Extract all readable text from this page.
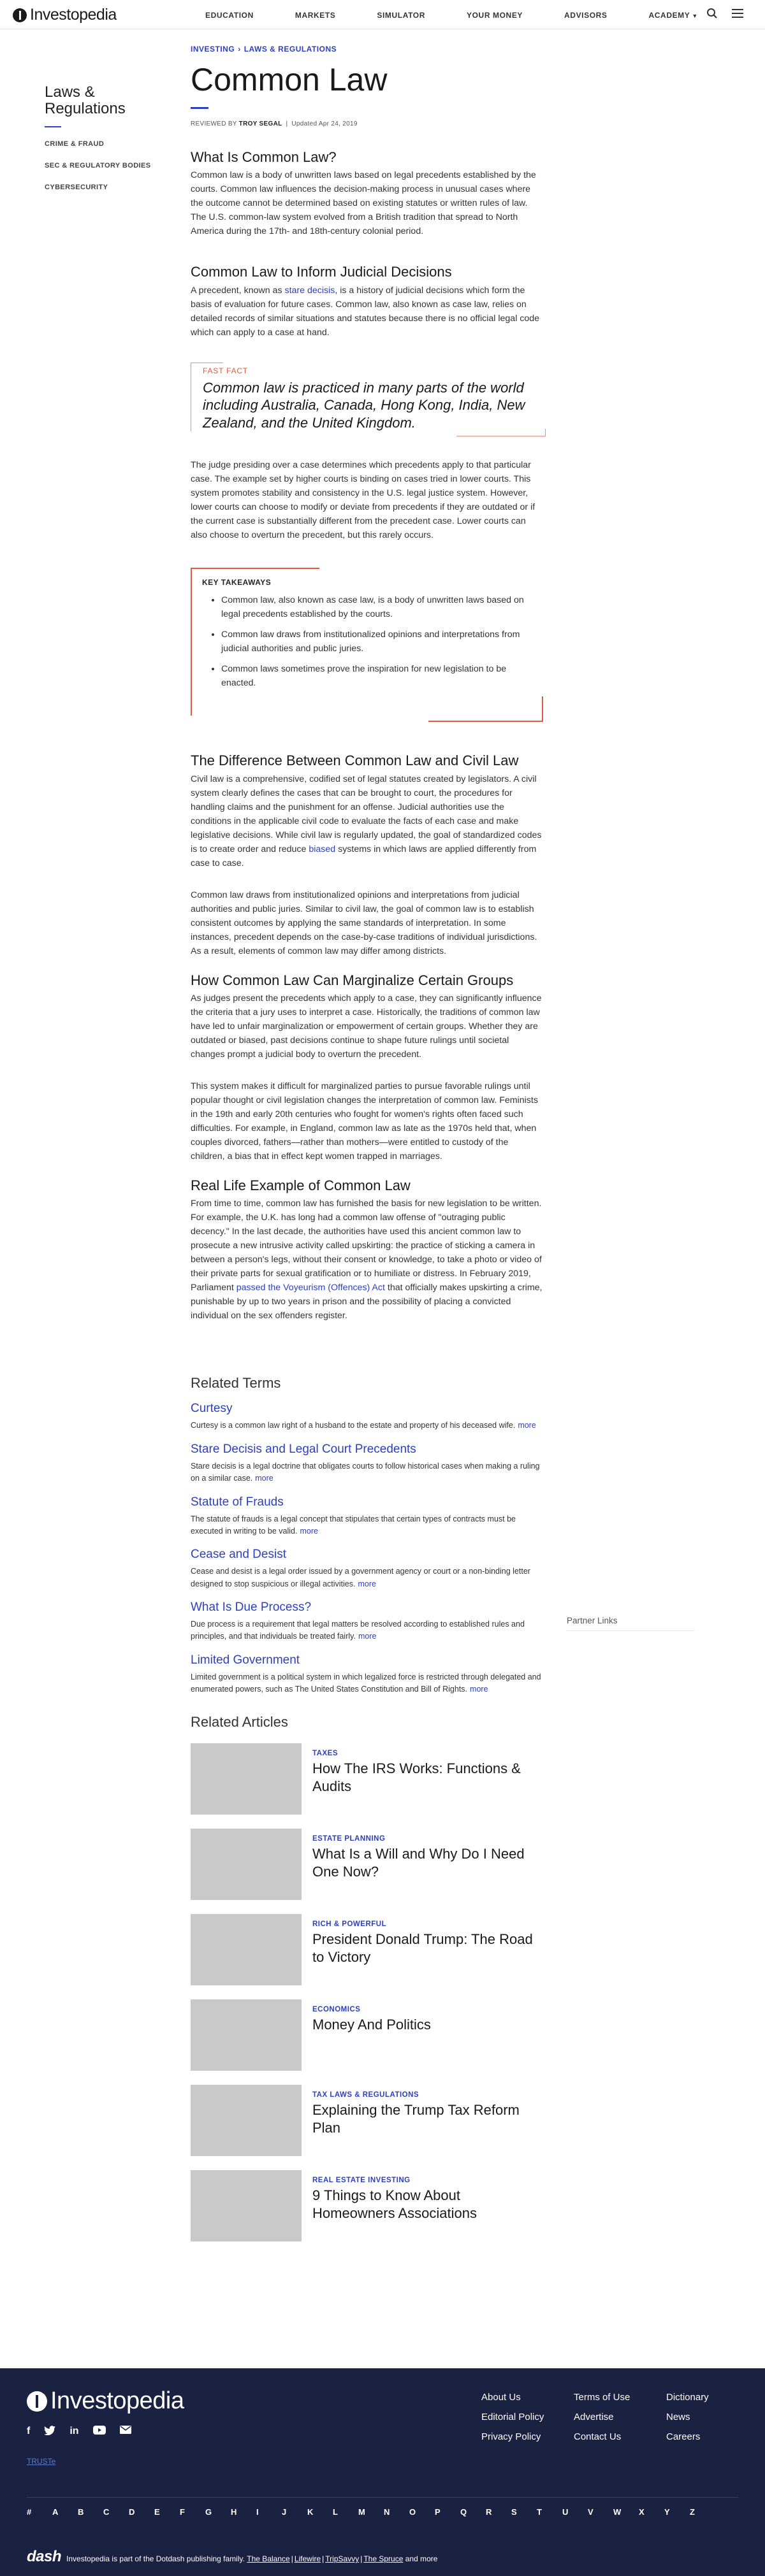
Investopedia	EDUCATION	MARKETS	SIMULATOR	YOUR MONEY	ADVISORS	ACADEMY ▼
Laws & Regulations
CRIME & FRAUD
SEC & REGULATORY BODIES
CYBERSECURITY
INVESTING › LAWS & REGULATIONS
Common Law
REVIEWED BY TROY SEGAL | Updated Apr 24, 2019
What Is Common Law?

Common law is a body of unwritten laws based on legal precedents established by the courts. Common law influences the decision-making process in unusual cases where the outcome cannot be determined based on existing statutes or written rules of law. The U.S. common-law system evolved from a British tradition that spread to North America during the 17th- and 18th-century colonial period.

Common Law to Inform Judicial Decisions

A precedent, known as stare decisis, is a history of judicial decisions which form the basis of evaluation for future cases. Common law, also known as case law, relies on detailed records of similar situations and statutes because there is no official legal code which can apply to a case at hand.

FAST FACT
Common law is practiced in many parts of the world including Australia, Canada, Hong Kong, India, New Zealand, and the United Kingdom.

The judge presiding over a case determines which precedents apply to that particular case. The example set by higher courts is binding on cases tried in lower courts. This system promotes stability and consistency in the U.S. legal justice system. However, lower courts can choose to modify or deviate from precedents if they are outdated or if the current case is substantially different from the precedent case. Lower courts can also choose to overturn the precedent, but this rarely occurs.

KEY TAKEAWAYS
• Common law, also known as case law, is a body of unwritten laws based on legal precedents established by the courts.
• Common law draws from institutionalized opinions and interpretations from judicial authorities and public juries.
• Common laws sometimes prove the inspiration for new legislation to be enacted.
The Difference Between Common Law and Civil Law

Civil law is a comprehensive, codified set of legal statutes created by legislators. A civil system clearly defines the cases that can be brought to court, the procedures for handling claims and the punishment for an offense. Judicial authorities use the conditions in the applicable civil code to evaluate the facts of each case and make legislative decisions. While civil law is regularly updated, the goal of standardized codes is to create order and reduce biased systems in which laws are applied differently from case to case.

Common law draws from institutionalized opinions and interpretations from judicial authorities and public juries. Similar to civil law, the goal of common law is to establish consistent outcomes by applying the same standards of interpretation. In some instances, precedent depends on the case-by-case traditions of individual jurisdictions. As a result, elements of common law may differ among districts.

How Common Law Can Marginalize Certain Groups

As judges present the precedents which apply to a case, they can significantly influence the criteria that a jury uses to interpret a case. Historically, the traditions of common law have led to unfair marginalization or empowerment of certain groups. Whether they are outdated or biased, past decisions continue to shape future rulings until societal changes prompt a judicial body to overturn the precedent.

This system makes it difficult for marginalized parties to pursue favorable rulings until popular thought or civil legislation changes the interpretation of common law. Feminists in the 19th and early 20th centuries who fought for women's rights often faced such difficulties. For example, in England, common law as late as the 1970s held that, when couples divorced, fathers—rather than mothers—were entitled to custody of the children, a bias that in effect kept women trapped in marriages.

Real Life Example of Common Law

From time to time, common law has furnished the basis for new legislation to be written. For example, the U.K. has long had a common law offense of "outraging public decency." In the last decade, the authorities have used this ancient common law to prosecute a new intrusive activity called upskirting: the practice of sticking a camera in between a person's legs, without their consent or knowledge, to take a photo or video of their private parts for sexual gratification or to humiliate or distress. In February 2019, Parliament passed the Voyeurism (Offences) Act that officially makes upskirting a crime, punishable by up to two years in prison and the possibility of placing a convicted individual on the sex offenders register.

Related Terms
Curtesy
Curtesy is a common law right of a husband to the estate and property of his deceased wife. more
Stare Decisis and Legal Court Precedents
Stare decisis is a legal doctrine that obligates courts to follow historical cases when making a ruling on a similar case. more
Statute of Frauds
The statute of frauds is a legal concept that stipulates that certain types of contracts must be executed in writing to be valid. more
Cease and Desist
Cease and desist is a legal order issued by a government agency or court or a non-binding letter designed to stop suspicious or illegal activities. more
What Is Due Process?
Due process is a requirement that legal matters be resolved according to established rules and principles, and that individuals be treated fairly. more
Limited Government
Limited government is a political system in which legalized force is restricted through delegated and enumerated powers, such as The United States Constitution and Bill of Rights. more
Related Articles
TAXES
How The IRS Works: Functions & Audits
ESTATE PLANNING
What Is a Will and Why Do I Need One Now?
RICH & POWERFUL
President Donald Trump: The Road to Victory
ECONOMICS
Money And Politics
TAX LAWS & REGULATIONS
Explaining the Trump Tax Reform Plan
REAL ESTATE INVESTING
9 Things to Know About Homeowners Associations
Partner Links
Investopedia
f	in
TRUSTe
About Us	Terms of Use	Dictionary
Editorial Policy	Advertise	News
Privacy Policy	Contact Us	Careers
#	A	B	C	D	E	F	G	H	I	J	K	L	M	N	O	P	Q	R	S	T	U	V	W	X	Y	Z
dash Investopedia is part of the Dotdash publishing family.
The Balance | Lifewire | TripSavvy | The Spruce
and more
